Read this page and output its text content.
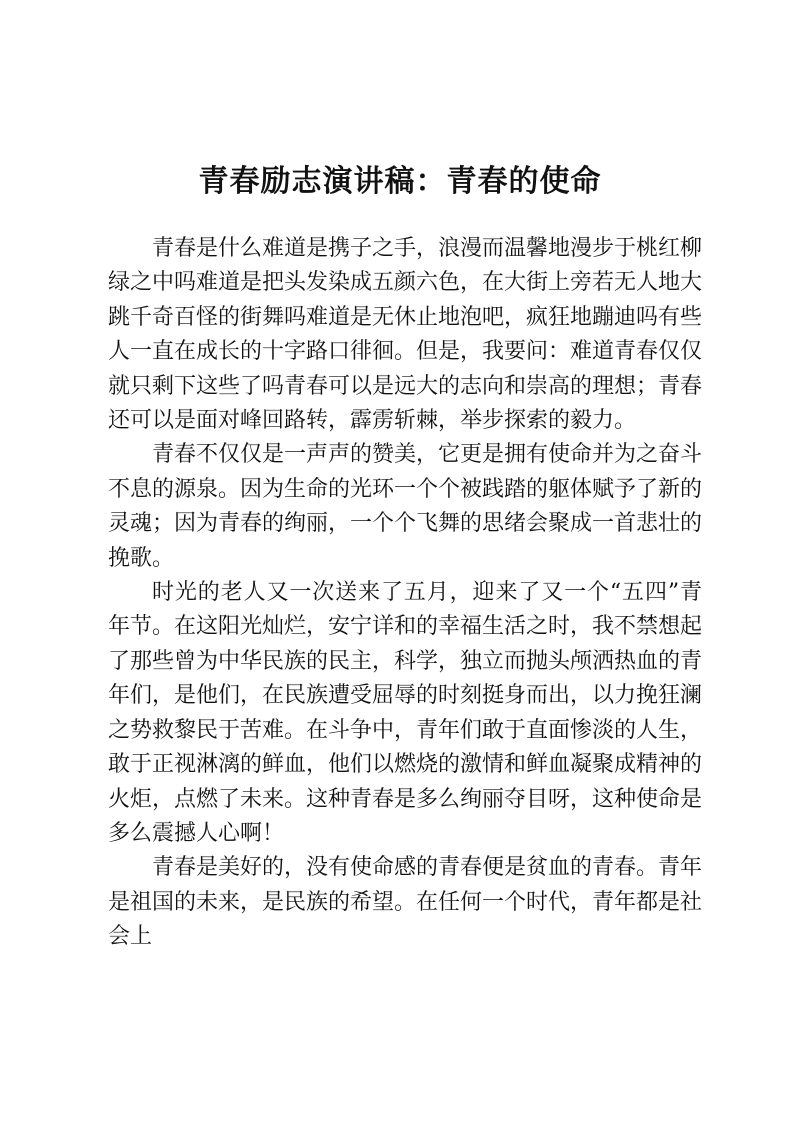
青春励志演讲稿：青春的使命

青春是什么难道是携子之手，浪漫而温馨地漫步于桃红柳绿之中吗难道是把头发染成五颜六色，在大街上旁若无人地大跳千奇百怪的街舞吗难道是无休止地泡吧，疯狂地蹦迪吗有些人一直在成长的十字路口徘徊。但是，我要问：难道青春仅仅就只剩下这些了吗青春可以是远大的志向和崇高的理想；青春还可以是面对峰回路转，霹雳斩棘，举步探索的毅力。

青春不仅仅是一声声的赞美，它更是拥有使命并为之奋斗不息的源泉。因为生命的光环一个个被践踏的躯体赋予了新的灵魂；因为青春的绚丽，一个个飞舞的思绪会聚成一首悲壮的挽歌。

时光的老人又一次送来了五月，迎来了又一个“五四”青年节。在这阳光灿烂，安宁详和的幸福生活之时，我不禁想起了那些曾为中华民族的民主，科学，独立而抛头颅洒热血的青年们，是他们，在民族遭受屈辱的时刻挺身而出，以力挽狂澜之势救黎民于苦难。在斗争中，青年们敢于直面惨淡的人生，敢于正视淋漓的鲜血，他们以燃烧的激情和鲜血凝聚成精神的火炬，点燃了未来。这种青春是多么绚丽夺目呀，这种使命是多么震撼人心啊！

青春是美好的，没有使命感的青春便是贫血的青春。青年是祖国的未来，是民族的希望。在任何一个时代，青年都是社会上
